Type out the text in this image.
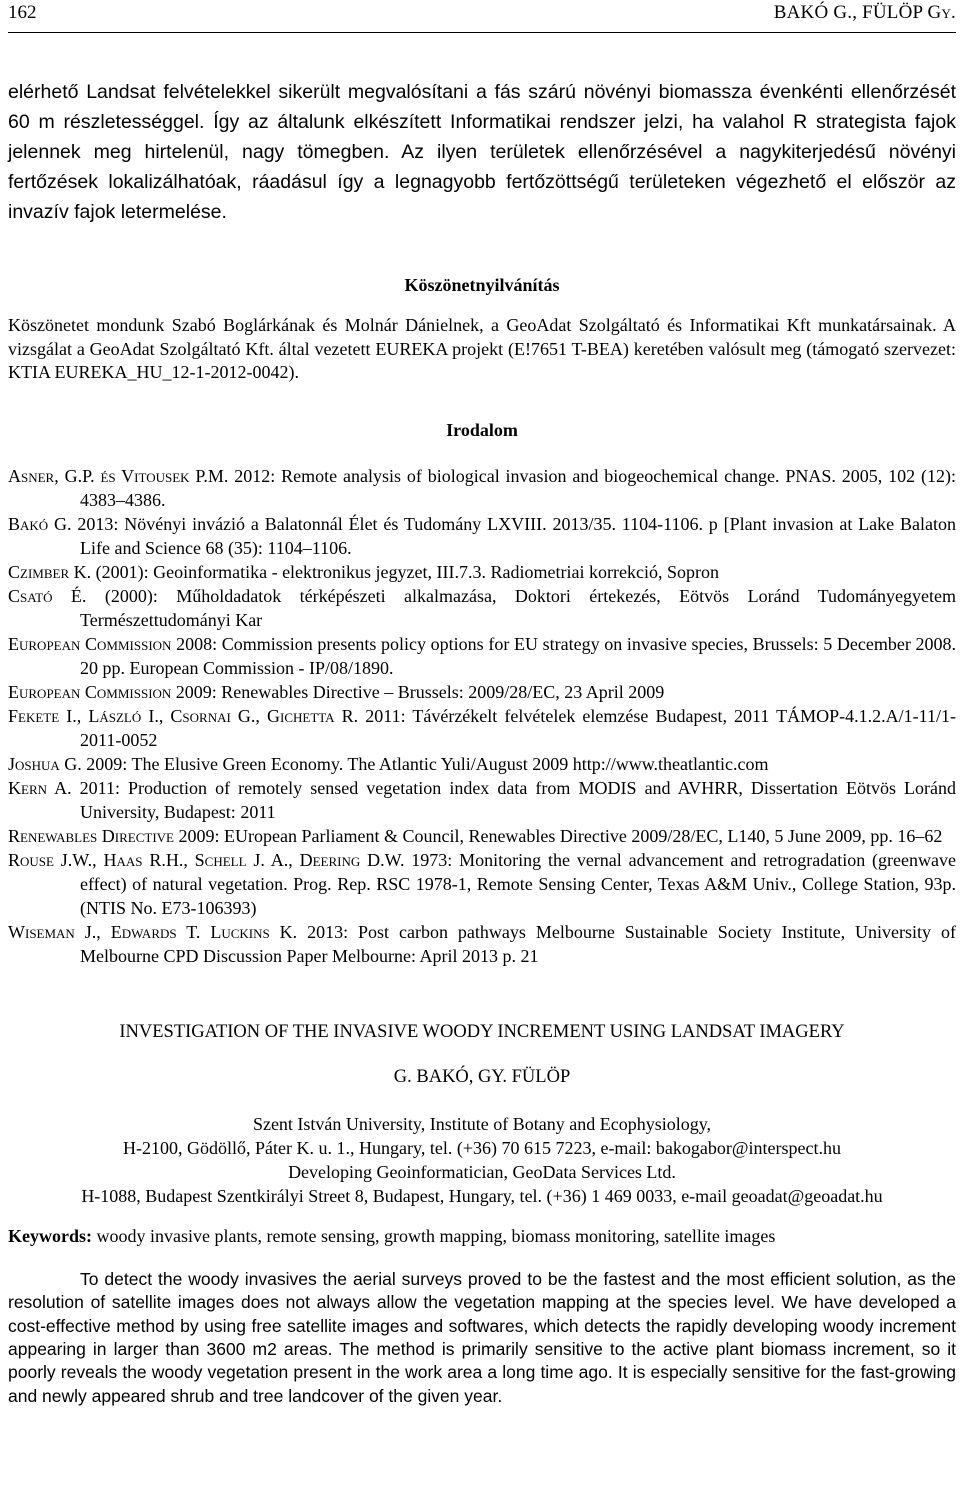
162	BAKÓ G., FÜLÖP Gy.

elérhető Landsat felvételekkel sikerült megvalósítani a fás szárú növényi biomassza évenkénti ellenőrzését 60 m részletességgel. Így az általunk elkészített Informatikai rendszer jelzi, ha valahol R strategista fajok jelennek meg hirtelenül, nagy tömegben. Az ilyen területek ellenőrzésével a nagykiterjedésű növényi fertőzések lokalizálhatóak, ráadásul így a legnagyobb fertőzöttségű területeken végezhető el először az invazív fajok letermelése.

Köszönetnyilvánítás

Köszönetet mondunk Szabó Boglárkának és Molnár Dánielnek, a GeoAdat Szolgáltató és Informatikai Kft munkatársainak. A vizsgálat a GeoAdat Szolgáltató Kft. által vezetett EUREKA projekt (E!7651 T-BEA) keretében valósult meg (támogató szervezet: KTIA EUREKA_HU_12-1-2012-0042).

Irodalom

Asner, G.P. és Vitousek P.M. 2012: Remote analysis of biological invasion and biogeochemical change. PNAS. 2005, 102 (12): 4383–4386.

Bakó G. 2013: Növényi invázió a Balatonnál Élet és Tudomány LXVIII. 2013/35. 1104-1106. p [Plant invasion at Lake Balaton Life and Science 68 (35): 1104–1106.

Czimber K. (2001): Geoinformatika - elektronikus jegyzet, III.7.3. Radiometriai korrekció, Sopron

Csató É. (2000): Műholdadatok térképészeti alkalmazása, Doktori értekezés, Eötvös Loránd Tudományegyetem Természettudományi Kar

European Commission 2008: Commission presents policy options for EU strategy on invasive species, Brussels: 5 December 2008. 20 pp. European Commission - IP/08/1890.

European Commission 2009: Renewables Directive – Brussels: 2009/28/EC, 23 April 2009

Fekete I., László I., Csornai G., Gichetta R. 2011: Távérzékelt felvételek elemzése Budapest, 2011 TÁMOP-4.1.2.A/1-11/1-2011-0052

Joshua G. 2009: The Elusive Green Economy. The Atlantic Yuli/August 2009 http://www.theatlantic.com

Kern A. 2011: Production of remotely sensed vegetation index data from MODIS and AVHRR, Dissertation Eötvös Loránd University, Budapest: 2011

Renewables Directive 2009: EUropean Parliament & Council, Renewables Directive 2009/28/EC, L140, 5 June 2009, pp. 16–62

Rouse J.W., Haas R.H., Schell J. A., Deering D.W. 1973: Monitoring the vernal advancement and retrogradation (greenwave effect) of natural vegetation. Prog. Rep. RSC 1978-1, Remote Sensing Center, Texas A&M Univ., College Station, 93p. (NTIS No. E73-106393)

Wiseman J., Edwards T. Luckins K. 2013: Post carbon pathways Melbourne Sustainable Society Institute, University of Melbourne CPD Discussion Paper Melbourne: April 2013 p. 21

INVESTIGATION OF THE INVASIVE WOODY INCREMENT USING LANDSAT IMAGERY

G. BAKÓ, GY. FÜLÖP

Szent István University, Institute of Botany and Ecophysiology,

H-2100, Gödöllő, Páter K. u. 1., Hungary, tel. (+36) 70 615 7223, e-mail: bakogabor@interspect.hu

Developing Geoinformatician, GeoData Services Ltd.

H-1088, Budapest Szentkirályi Street 8, Budapest, Hungary, tel. (+36) 1 469 0033, e-mail geoadat@geoadat.hu

Keywords: woody invasive plants, remote sensing, growth mapping, biomass monitoring, satellite images

To detect the woody invasives the aerial surveys proved to be the fastest and the most efficient solution, as the resolution of satellite images does not always allow the vegetation mapping at the species level. We have developed a cost-effective method by using free satellite images and softwares, which detects the rapidly developing woody increment appearing in larger than 3600 m2 areas. The method is primarily sensitive to the active plant biomass increment, so it poorly reveals the woody vegetation present in the work area a long time ago. It is especially sensitive for the fast-growing and newly appeared shrub and tree landcover of the given year.
